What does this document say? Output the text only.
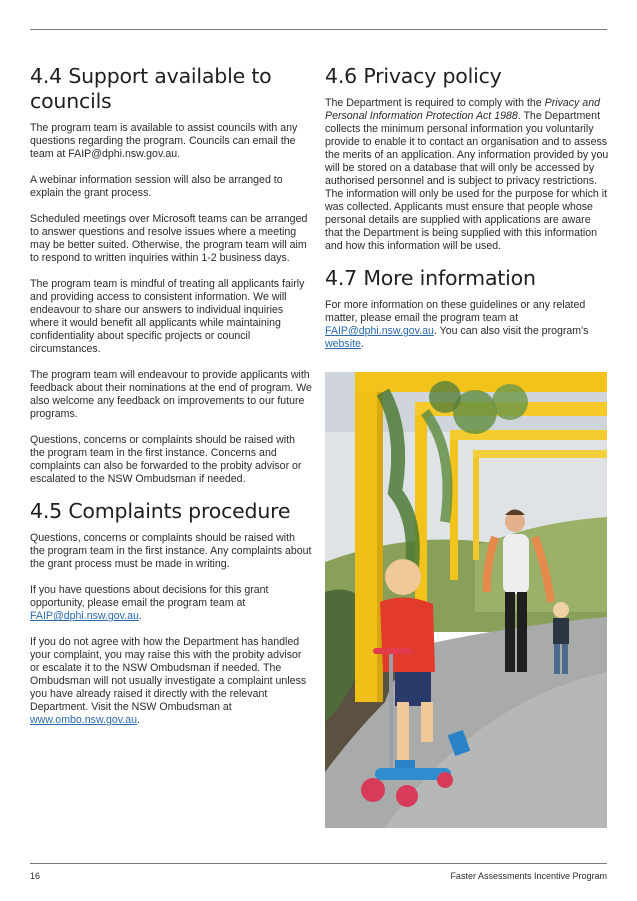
4.4 Support available to councils

The program team is available to assist councils with any questions regarding the program. Councils can email the team at FAIP@dphi.nsw.gov.au.

A webinar information session will also be arranged to explain the grant process.

Scheduled meetings over Microsoft teams can be arranged to answer questions and resolve issues where a meeting may be better suited. Otherwise, the program team will aim to respond to written inquiries within 1-2 business days.

The program team is mindful of treating all applicants fairly and providing access to consistent information. We will endeavour to share our answers to individual inquiries where it would benefit all applicants while maintaining confidentiality about specific projects or council circumstances.

The program team will endeavour to provide applicants with feedback about their nominations at the end of program. We also welcome any feedback on improvements to our future programs.

Questions, concerns or complaints should be raised with the program team in the first instance. Concerns and complaints can also be forwarded to the probity advisor or escalated to the NSW Ombudsman if needed.

4.5 Complaints procedure

Questions, concerns or complaints should be raised with the program team in the first instance. Any complaints about the grant process must be made in writing.

If you have questions about decisions for this grant opportunity, please email the program team at FAIP@dphi.nsw.gov.au.

If you do not agree with how the Department has handled your complaint, you may raise this with the probity advisor or escalate it to the NSW Ombudsman if needed. The Ombudsman will not usually investigate a complaint unless you have already raised it directly with the relevant Department. Visit the NSW Ombudsman at www.ombo.nsw.gov.au.

4.6 Privacy policy

The Department is required to comply with the Privacy and Personal Information Protection Act 1988. The Department collects the minimum personal information you voluntarily provide to enable it to contact an organisation and to assess the merits of an application. Any information provided by you will be stored on a database that will only be accessed by authorised personnel and is subject to privacy restrictions. The information will only be used for the purpose for which it was collected. Applicants must ensure that people whose personal details are supplied with applications are aware that the Department is being supplied with this information and how this information will be used.

4.7 More information

For more information on these guidelines or any related matter, please email the program team at FAIP@dphi.nsw.gov.au. You can also visit the program's website.

16	Faster Assessments Incentive Program
